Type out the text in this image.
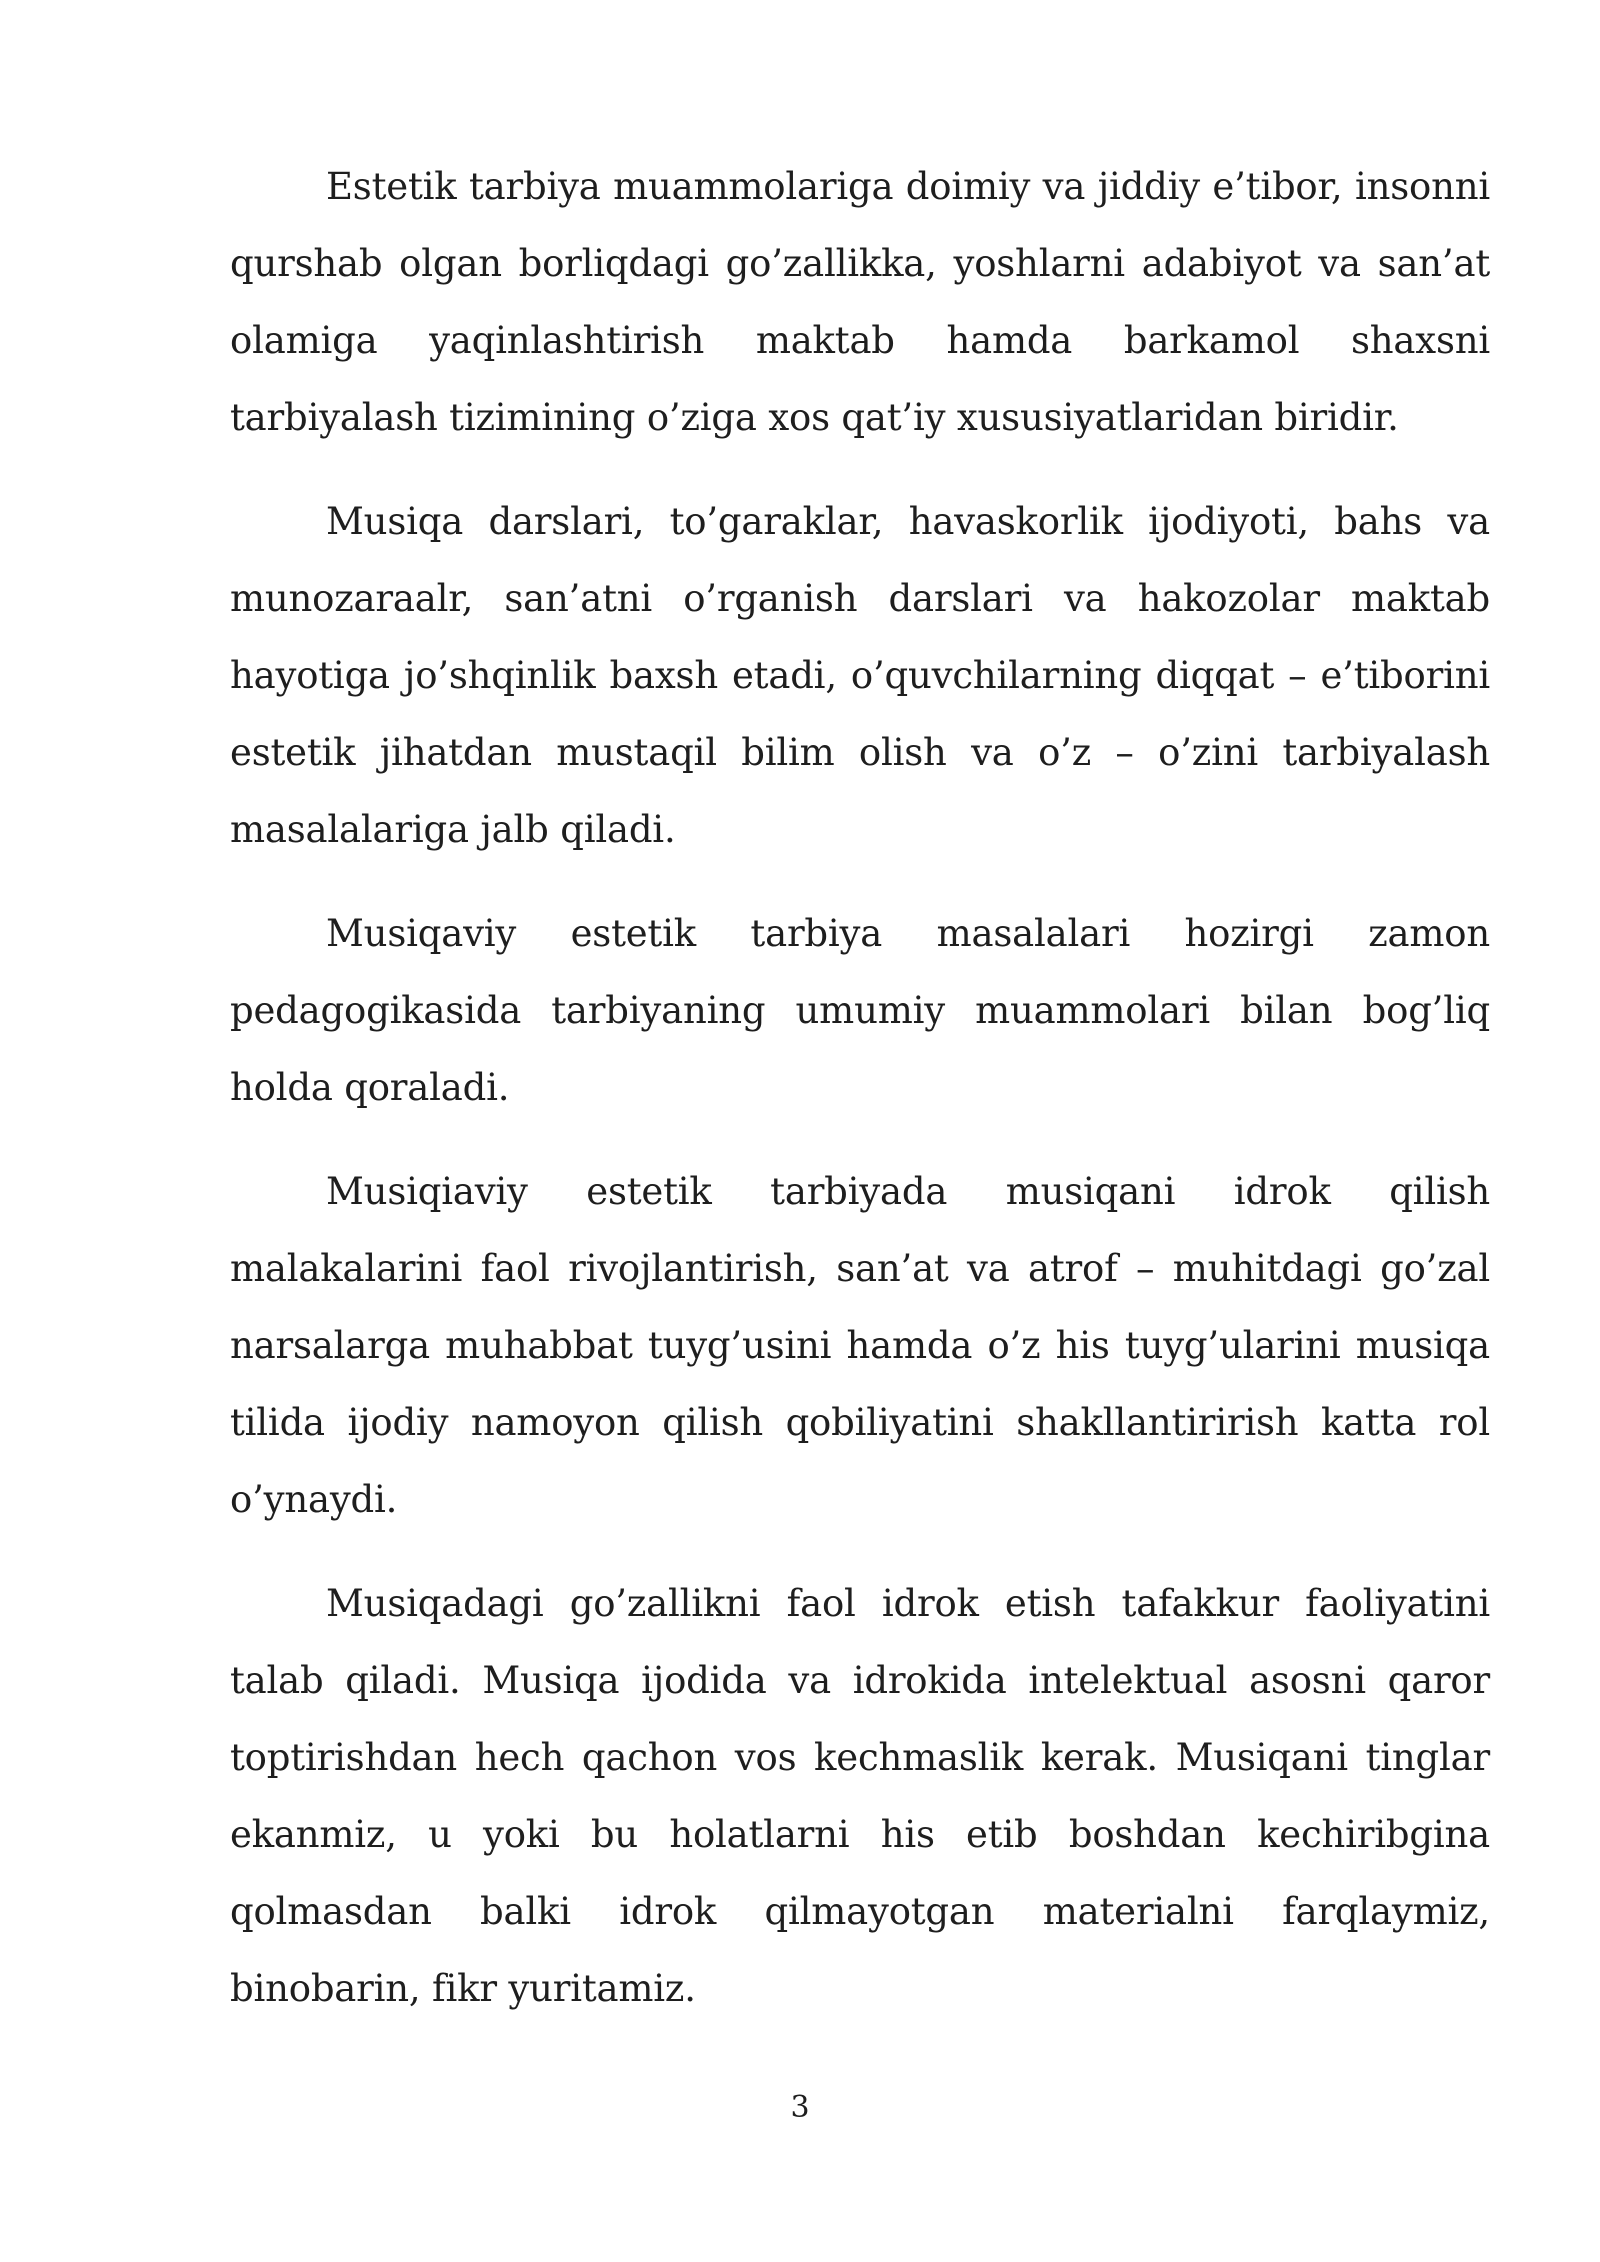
Estetik tarbiya muammolariga doimiy va jiddiy e’tibor, insonni qurshab olgan borliqdagi go’zallikka, yoshlarni adabiyot va san’at olamiga yaqinlashtirish maktab hamda barkamol shaxsni tarbiyalash tizimining o’ziga xos qat’iy xususiyatlaridan biridir.

Musiqa darslari, to’garaklar, havaskorlik ijodiyoti, bahs va munozaraalr, san’atni o’rganish darslari va hakozolar maktab hayotiga jo’shqinlik baxsh etadi, o’quvchilarning diqqat – e’tiborini estetik jihatdan mustaqil bilim olish va o’z – o’zini tarbiyalash masalalariga jalb qiladi.

Musiqaviy estetik tarbiya masalalari hozirgi zamon pedagogikasida tarbiyaning umumiy muammolari bilan bog’liq holda qoraladi.

Musiqiaviy estetik tarbiyada musiqani idrok qilish malakalarini faol rivojlantirish, san’at va atrof – muhitdagi go’zal narsalarga muhabbat tuyg’usini hamda o’z his tuyg’ularini musiqa tilida ijodiy namoyon qilish qobiliyatini shakllantirirish katta rol o’ynaydi.

Musiqadagi go’zallikni faol idrok etish tafakkur faoliyatini talab qiladi. Musiqa ijodida va idrokida intelektual asosni qaror toptirishdan hech qachon vos kechmaslik kerak. Musiqani tinglar ekanmiz, u yoki bu holatlarni his etib boshdan kechiribgina qolmasdan balki idrok qilmayotgan materialni farqlaymiz, binobarin, fikr yuritamiz.

3
